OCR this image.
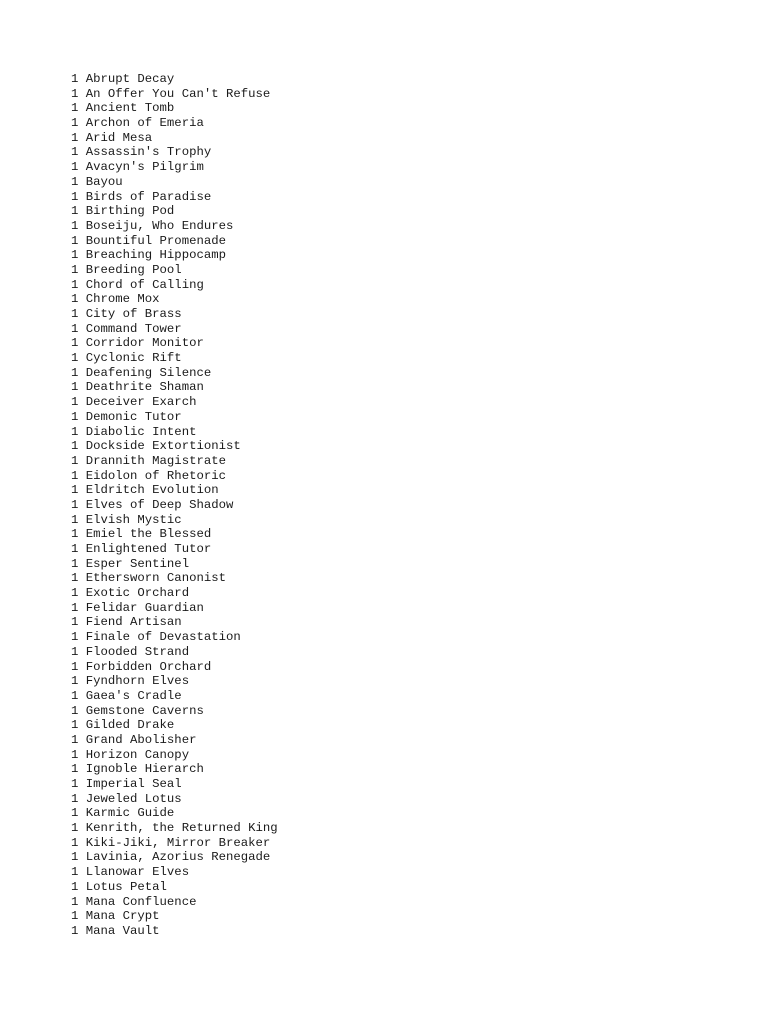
1 Abrupt Decay
1 An Offer You Can't Refuse
1 Ancient Tomb
1 Archon of Emeria
1 Arid Mesa
1 Assassin's Trophy
1 Avacyn's Pilgrim
1 Bayou
1 Birds of Paradise
1 Birthing Pod
1 Boseiju, Who Endures
1 Bountiful Promenade
1 Breaching Hippocamp
1 Breeding Pool
1 Chord of Calling
1 Chrome Mox
1 City of Brass
1 Command Tower
1 Corridor Monitor
1 Cyclonic Rift
1 Deafening Silence
1 Deathrite Shaman
1 Deceiver Exarch
1 Demonic Tutor
1 Diabolic Intent
1 Dockside Extortionist
1 Drannith Magistrate
1 Eidolon of Rhetoric
1 Eldritch Evolution
1 Elves of Deep Shadow
1 Elvish Mystic
1 Emiel the Blessed
1 Enlightened Tutor
1 Esper Sentinel
1 Ethersworn Canonist
1 Exotic Orchard
1 Felidar Guardian
1 Fiend Artisan
1 Finale of Devastation
1 Flooded Strand
1 Forbidden Orchard
1 Fyndhorn Elves
1 Gaea's Cradle
1 Gemstone Caverns
1 Gilded Drake
1 Grand Abolisher
1 Horizon Canopy
1 Ignoble Hierarch
1 Imperial Seal
1 Jeweled Lotus
1 Karmic Guide
1 Kenrith, the Returned King
1 Kiki-Jiki, Mirror Breaker
1 Lavinia, Azorius Renegade
1 Llanowar Elves
1 Lotus Petal
1 Mana Confluence
1 Mana Crypt
1 Mana Vault
